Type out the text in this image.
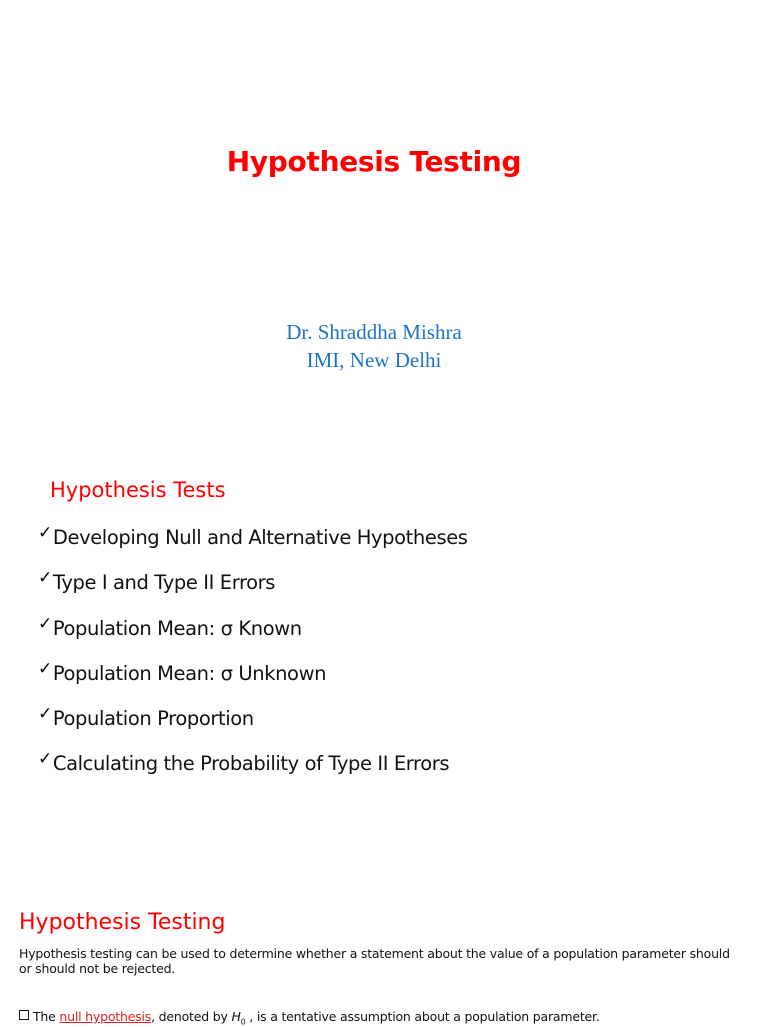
Hypothesis Testing
Dr. Shraddha Mishra
IMI, New Delhi
Hypothesis Tests
✓ Developing Null and Alternative Hypotheses
✓ Type I and Type II Errors
✓ Population Mean: σ Known
✓ Population Mean: σ Unknown
✓ Population Proportion
✓ Calculating the Probability of Type II Errors
Hypothesis Testing
Hypothesis testing can be used to determine whether a statement about the value of a population parameter should or should not be rejected.
The null hypothesis, denoted by $H_0$ , is a tentative assumption about a population parameter.
